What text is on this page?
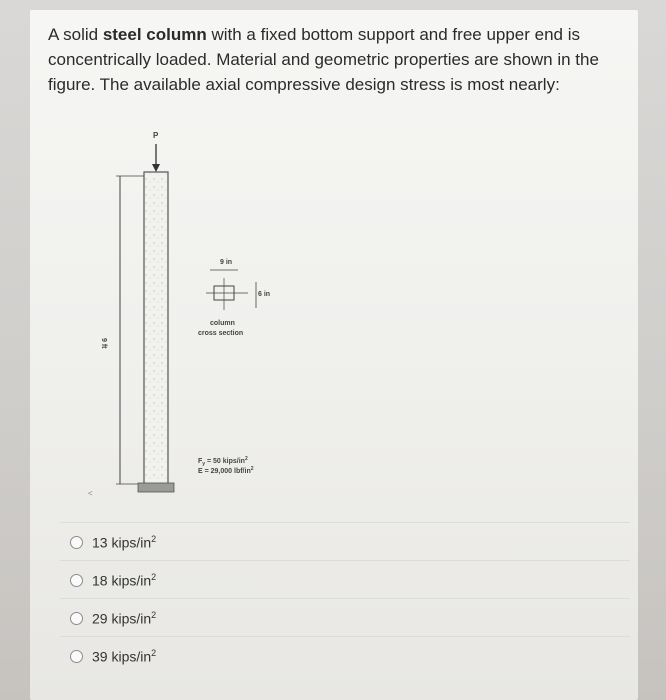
A solid steel column with a fixed bottom support and free upper end is concentrically loaded. Material and geometric properties are shown in the figure. The available axial compressive design stress is most nearly:
P
9 ft
9 in
6 in
column
cross section
$F_y = 50$ kips/$in^2$
E = 29,000 lbf/$in^2$
<
13 kips/$in^2$
18 kips/$in^2$
29 kips/$in^2$
39 kips/$in^2$
